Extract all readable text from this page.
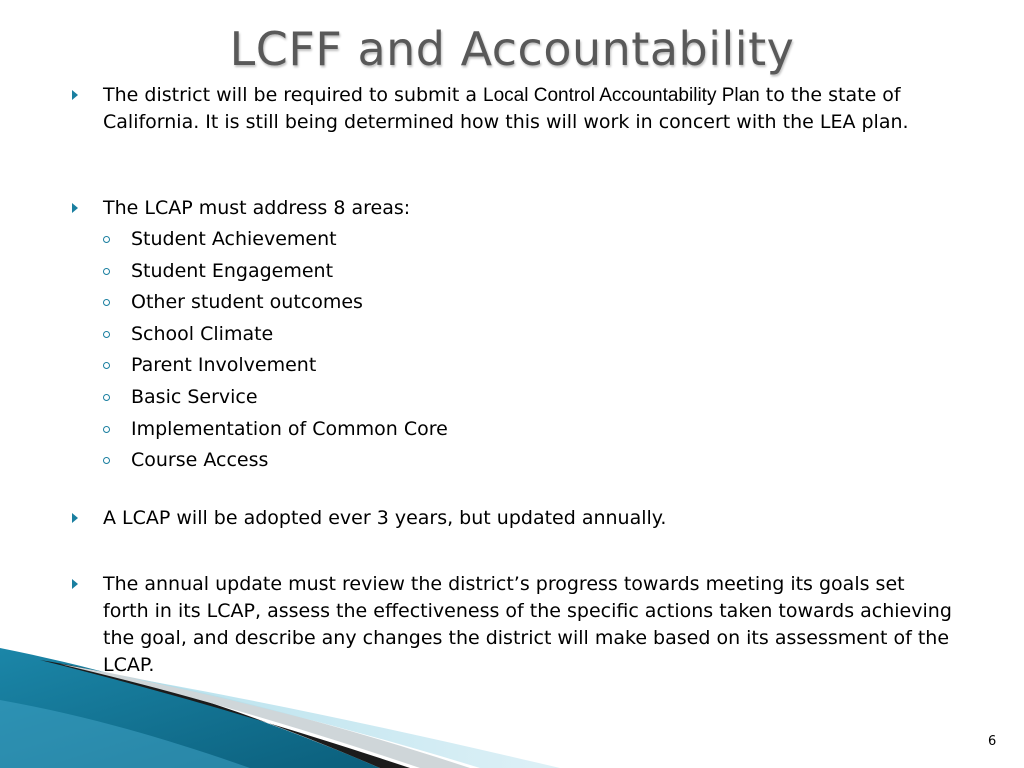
LCFF and Accountability
The district will be required to submit a Local Control Accountability Plan to the state of California. It is still being determined how this will work in concert with the LEA plan.
The LCAP must address 8 areas:
Student Achievement
Student Engagement
Other student outcomes
School Climate
Parent Involvement
Basic Service
Implementation of Common Core
Course Access
A LCAP will be adopted ever 3 years, but updated annually.
The annual update must review the district’s progress towards meeting its goals set forth in its LCAP, assess the effectiveness of the specific actions taken towards achieving the goal, and describe any changes the district will make based on its assessment of the LCAP.
6
